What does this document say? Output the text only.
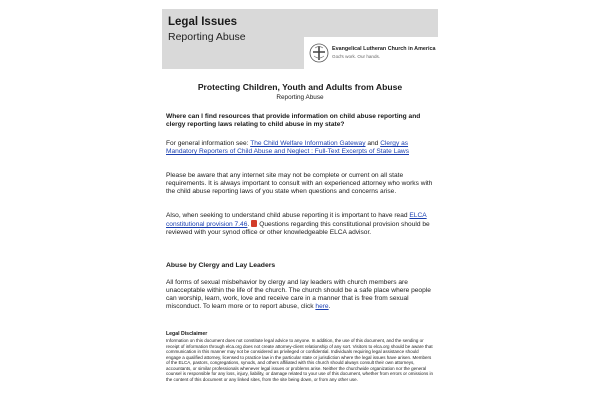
Legal Issues
Reporting Abuse
Evangelical Lutheran Church in America
God's work. Our hands.
Protecting Children, Youth and Adults from Abuse
Reporting Abuse

Where can I find resources that provide information on child abuse reporting and clergy reporting laws relating to child abuse in my state?

For general information see: The Child Welfare Information Gateway and Clergy as Mandatory Reporters of Child Abuse and Neglect : Full-Text Excerpts of State Laws

Please be aware that any internet site may not be complete or current on all state requirements. It is always important to consult with an experienced attorney who works with the child abuse reporting laws of you state when questions and concerns arise.

Also, when seeking to understand child abuse reporting it is important to have read ELCA constitutional provision 7.46. Questions regarding this constitutional provision should be reviewed with your synod office or other knowledgeable ELCA advisor.

Abuse by Clergy and Lay Leaders

All forms of sexual misbehavior by clergy and lay leaders with church members are unacceptable within the life of the church. The church should be a safe place where people can worship, learn, work, love and receive care in a manner that is free from sexual misconduct. To learn more or to report abuse, click here.

Legal Disclaimer

Information on this document does not constitute legal advice to anyone. In addition, the use of this document, and the sending or receipt of information through elca.org does not create attorney-client relationship of any sort. Visitors to elca.org should be aware that communication in this manner may not be considered as privileged or confidential. Individuals requiring legal assistance should engage a qualified attorney, licensed to practice law in the particular state or jurisdiction where the legal issues have arisen. Members of the ELCA, pastors, congregations, synods, and others affiliated with this church should always consult their own attorneys, accountants, or similar professionals whenever legal issues or problems arise. Neither the churchwide organization nor the general counsel is responsible for any loss, injury, liability, or damage related to your use of this document, whether from errors or omissions in the content of this document or any linked sites, from the site being down, or from any other use.
